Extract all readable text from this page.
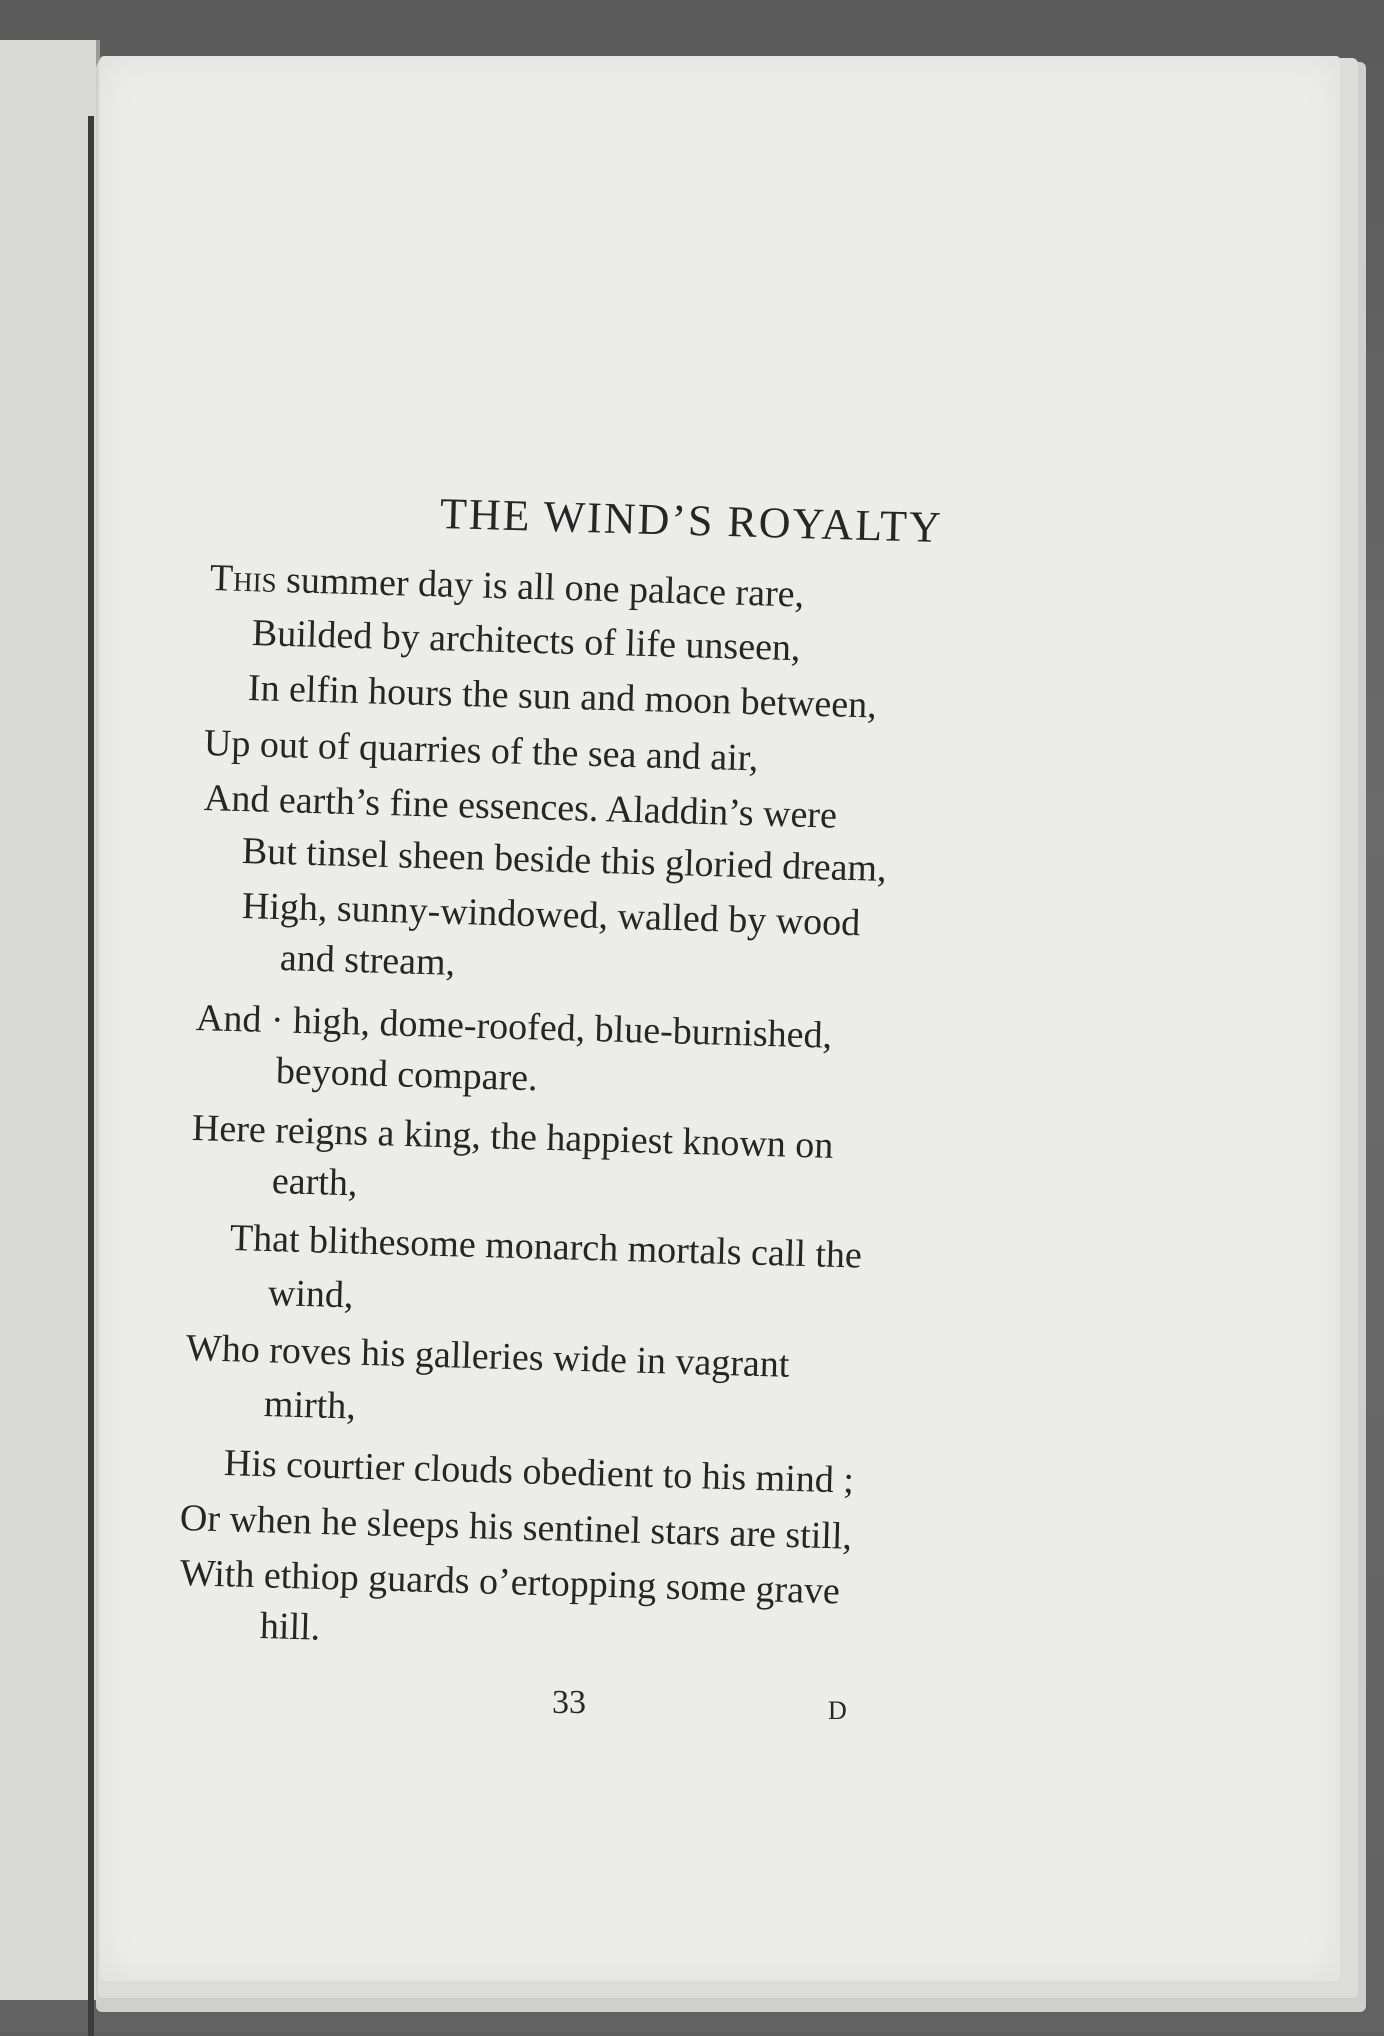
THE WIND’S ROYALTY
This summer day is all one palace rare,
Builded by architects of life unseen,
In elfin hours the sun and moon between,
Up out of quarries of the sea and air,
And earth’s fine essences. Aladdin’s were
But tinsel sheen beside this gloried dream,
High, sunny-windowed, walled by wood
and stream,
And · high, dome-roofed, blue-burnished,
beyond compare.
Here reigns a king, the happiest known on
earth,
That blithesome monarch mortals call the
wind,
Who roves his galleries wide in vagrant
mirth,
His courtier clouds obedient to his mind ;
Or when he sleeps his sentinel stars are still,
With ethiop guards o’ertopping some grave
hill.
33	D
